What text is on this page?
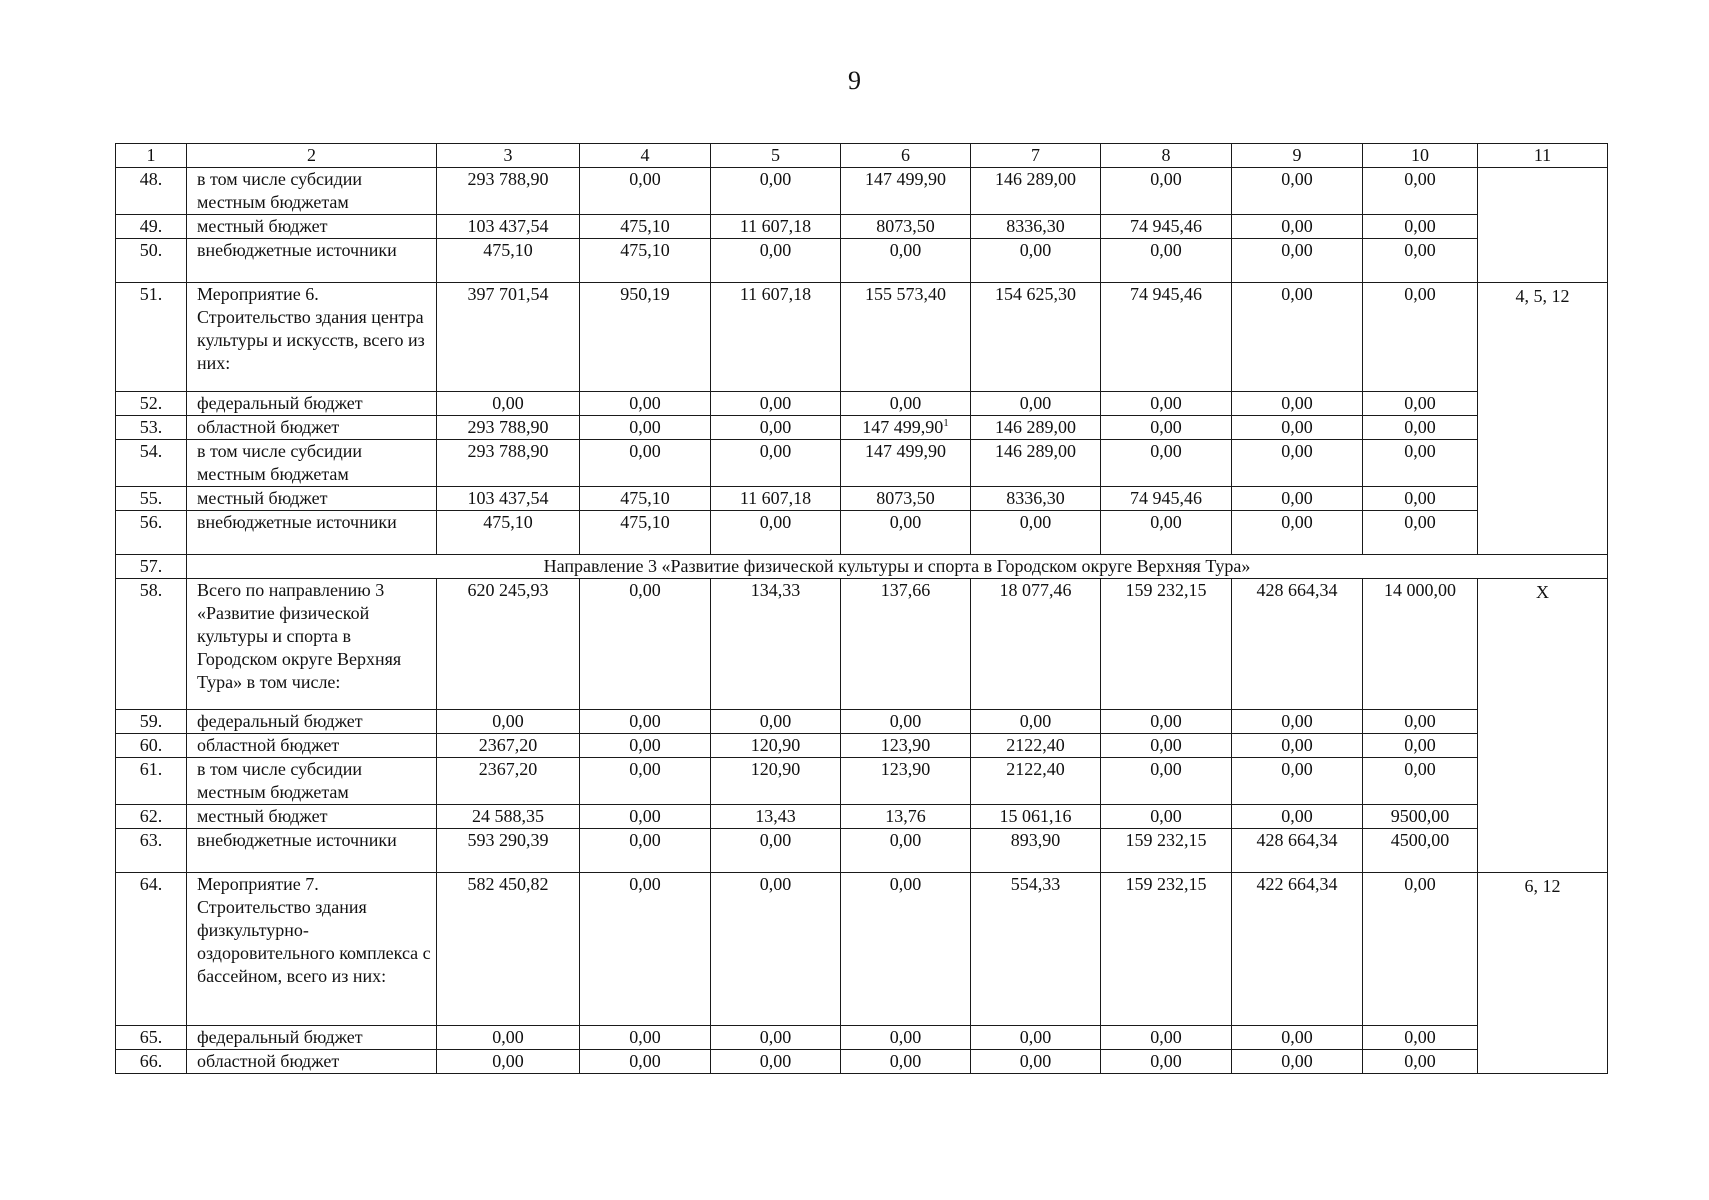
9
1	2	3	4	5	6	7	8	9	10	11
48.	в том числе субсидии местным бюджетам	293 788,90	0,00	0,00	147 499,90	146 289,00	0,00	0,00	0,00	
49.	местный бюджет	103 437,54	475,10	11 607,18	8073,50	8336,30	74 945,46	0,00	0,00	
50.	внебюджетные источники	475,10	475,10	0,00	0,00	0,00	0,00	0,00	0,00	
51.	Мероприятие 6. Строительство здания центра культуры и искусств, всего из них:	397 701,54	950,19	11 607,18	155 573,40	154 625,30	74 945,46	0,00	0,00	4, 5, 12
52.	федеральный бюджет	0,00	0,00	0,00	0,00	0,00	0,00	0,00	0,00	
53.	областной бюджет	293 788,90	0,00	0,00	147 499,90$^1$	146 289,00	0,00	0,00	0,00	
54.	в том числе субсидии местным бюджетам	293 788,90	0,00	0,00	147 499,90	146 289,00	0,00	0,00	0,00	
55.	местный бюджет	103 437,54	475,10	11 607,18	8073,50	8336,30	74 945,46	0,00	0,00	
56.	внебюджетные источники	475,10	475,10	0,00	0,00	0,00	0,00	0,00	0,00	
57.	Направление 3 «Развитие физической культуры и спорта в Городском округе Верхняя Тура»									
58.	Всего по направлению 3 «Развитие физической культуры и спорта в Городском округе Верхняя Тура» в том числе:	620 245,93	0,00	134,33	137,66	18 077,46	159 232,15	428 664,34	14 000,00	Х
59.	федеральный бюджет	0,00	0,00	0,00	0,00	0,00	0,00	0,00	0,00	
60.	областной бюджет	2367,20	0,00	120,90	123,90	2122,40	0,00	0,00	0,00	
61.	в том числе субсидии местным бюджетам	2367,20	0,00	120,90	123,90	2122,40	0,00	0,00	0,00	
62.	местный бюджет	24 588,35	0,00	13,43	13,76	15 061,16	0,00	0,00	9500,00	
63.	внебюджетные источники	593 290,39	0,00	0,00	0,00	893,90	159 232,15	428 664,34	4500,00	
64.	Мероприятие 7. Строительство здания физкультурно-оздоровительного комплекса с бассейном, всего из них:	582 450,82	0,00	0,00	0,00	554,33	159 232,15	422 664,34	0,00	6, 12
65.	федеральный бюджет	0,00	0,00	0,00	0,00	0,00	0,00	0,00	0,00	
66.	областной бюджет	0,00	0,00	0,00	0,00	0,00	0,00	0,00	0,00	
